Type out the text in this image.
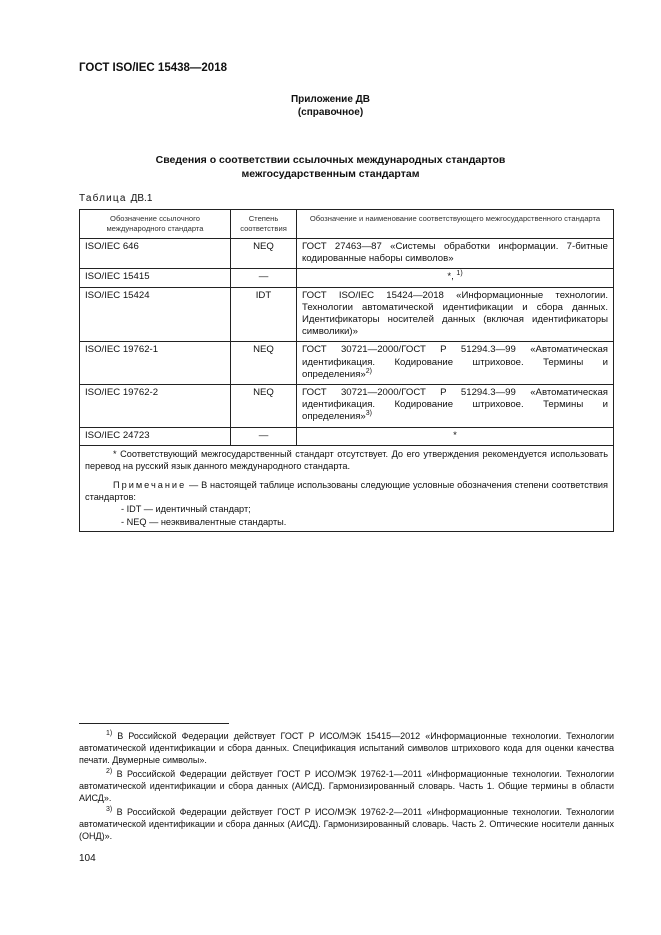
ГОСТ ISO/IEC 15438—2018
Приложение ДВ
(справочное)
Сведения о соответствии ссылочных международных стандартов
межгосударственным стандартам
Таблица ДВ.1
Обозначение ссылочного международного стандарта	Степень соответствия	Обозначение и наименование соответствующего межгосударственного стандарта
ISO/IEC 646	NEQ	ГОСТ 27463—87 «Системы обработки информации. 7-битные кодированные наборы символов»
ISO/IEC 15415	—	*, $^{1)}$
ISO/IEC 15424	IDT	ГОСТ ISO/IEC 15424—2018 «Информационные технологии. Технологии автоматической идентификации и сбора данных. Идентификаторы носителей данных (включая идентификаторы символики)»
ISO/IEC 19762-1	NEQ	ГОСТ 30721—2000/ГОСТ Р 51294.3—99 «Автоматическая идентификация. Кодирование штриховое. Термины и определения»$^{2)}$
ISO/IEC 19762-2	NEQ	ГОСТ 30721—2000/ГОСТ Р 51294.3—99 «Автоматическая идентификация. Кодирование штриховое. Термины и определения»$^{3)}$
ISO/IEC 24723	—	*

* Соответствующий межгосударственный стандарт отсутствует. До его утверждения рекомендуется использовать перевод на русский язык данного международного стандарта.

Примечание — В настоящей таблице использованы следующие условные обозначения степени соответствия стандартов:

- IDT — идентичный стандарт;
- NEQ — неэквивалентные стандарты.		

$^{1)}$ В Российской Федерации действует ГОСТ Р ИСО/МЭК 15415—2012 «Информационные технологии. Технологии автоматической идентификации и сбора данных. Спецификация испытаний символов штрихового кода для оценки качества печати. Двумерные символы».

$^{2)}$ В Российской Федерации действует ГОСТ Р ИСО/МЭК 19762-1—2011 «Информационные технологии. Технологии автоматической идентификации и сбора данных (АИСД). Гармонизированный словарь. Часть 1. Общие термины в области АИСД».

$^{3)}$ В Российской Федерации действует ГОСТ Р ИСО/МЭК 19762-2—2011 «Информационные технологии. Технологии автоматической идентификации и сбора данных (АИСД). Гармонизированный словарь. Часть 2. Оптические носители данных (ОНД)».

104
